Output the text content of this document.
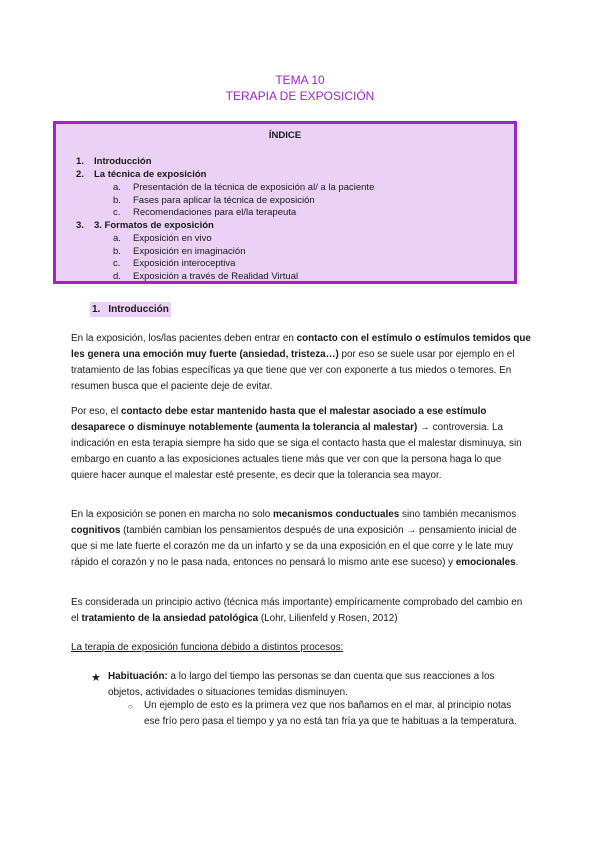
TEMA 10
TERAPIA DE EXPOSICIÓN
ÍNDICE
1. Introducción
2. La técnica de exposición
a. Presentación de la técnica de exposición al/ a la paciente
b. Fases para aplicar la técnica de exposición
c. Recomendaciones para el/la terapeuta
3. 3. Formatos de exposición
a. Exposición en vivo
b. Exposición en imaginación
c. Exposición interoceptiva
d. Exposición a través de Realidad Virtual
1. Introducción

En la exposición, los/las pacientes deben entrar en contacto con el estímulo o estímulos temidos que les genera una emoción muy fuerte (ansiedad, tristeza…) por eso se suele usar por ejemplo en el tratamiento de las fobias específicas ya que tiene que ver con exponerte a tus miedos o temores. En resumen busca que el paciente deje de evitar.

Por eso, el contacto debe estar mantenido hasta que el malestar asociado a ese estímulo desaparece o disminuye notablemente (aumenta la tolerancia al malestar) → controversia. La indicación en esta terapia siempre ha sido que se siga el contacto hasta que el malestar disminuya, sin embargo en cuanto a las exposiciones actuales tiene más que ver con que la persona haga lo que quiere hacer aunque el malestar esté presente, es decir que la tolerancia sea mayor.

En la exposición se ponen en marcha no solo mecanismos conductuales sino también mecanismos cognitivos (también cambian los pensamientos después de una exposición → pensamiento inicial de que si me late fuerte el corazón me da un infarto y se da una exposición en el que corre y le late muy rápido el corazón y no le pasa nada, entonces no pensará lo mismo ante ese suceso) y emocionales.

Es considerada un principio activo (técnica más importante) empíricamente comprobado del cambio en el tratamiento de la ansiedad patológica (Lohr, Lilienfeld y Rosen, 2012)

La terapia de exposición funciona debido a distintos procesos:
★ Habituación: a lo largo del tiempo las personas se dan cuenta que sus reacciones a los objetos, actividades o situaciones temidas disminuyen.

○ Un ejemplo de esto es la primera vez que nos bañamos en el mar, al principio notas ese frío pero pasa el tiempo y ya no está tan fría ya que te habituas a la temperatura.
